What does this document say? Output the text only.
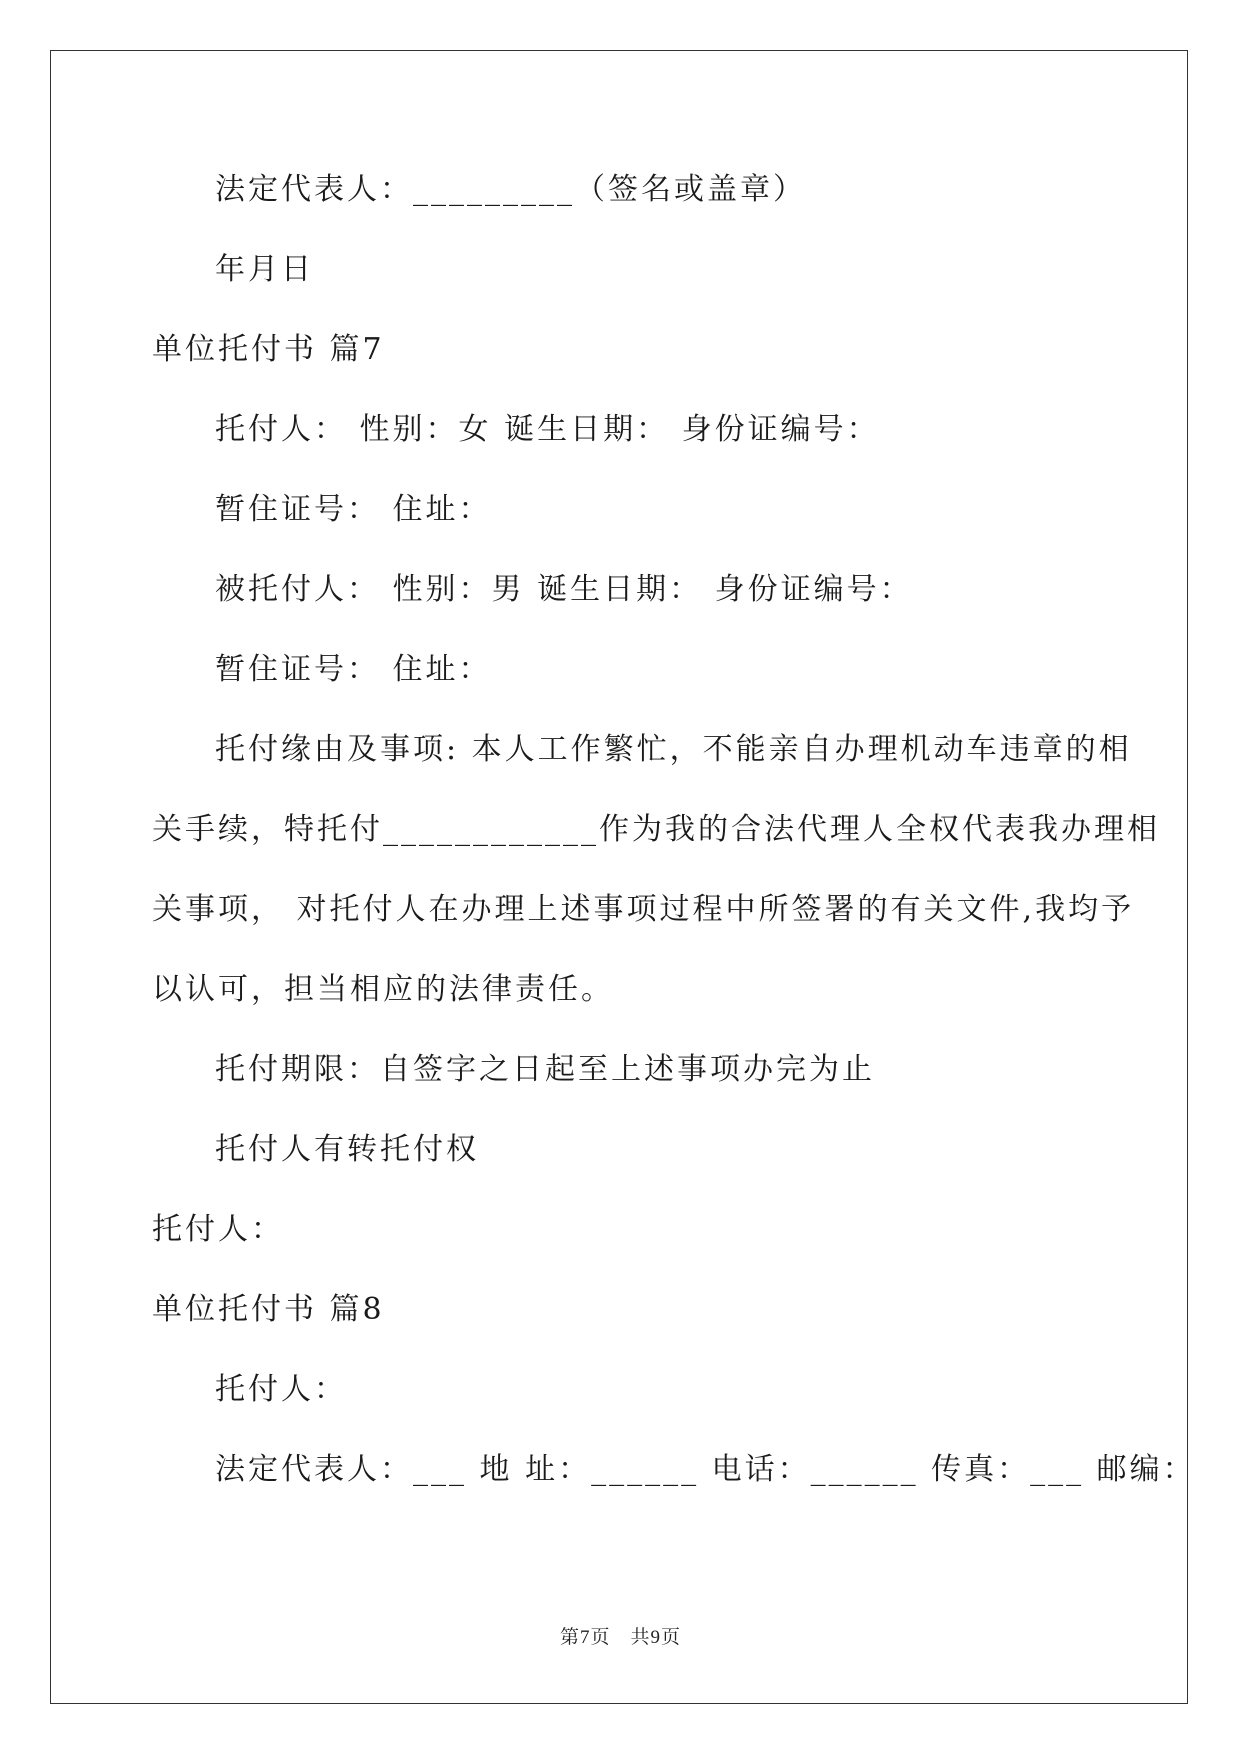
法定代表人：_________（签名或盖章）
年月日
单位托付书 篇7
托付人： 性别：女 诞生日期： 身份证编号：
暂住证号： 住址：
被托付人： 性别：男 诞生日期： 身份证编号：
暂住证号： 住址：
托付缘由及事项: 本人工作繁忙，不能亲自办理机动车违章的相
关手续，特托付____________作为我的合法代理人全权代表我办理相
关事项， 对托付人在办理上述事项过程中所签署的有关文件,我均予
以认可，担当相应的法律责任。
托付期限：自签字之日起至上述事项办完为止
托付人有转托付权
托付人：
单位托付书 篇8
托付人：
法定代表人：___ 地 址：______ 电话：______ 传真：___ 邮编：
第7页　共9页
